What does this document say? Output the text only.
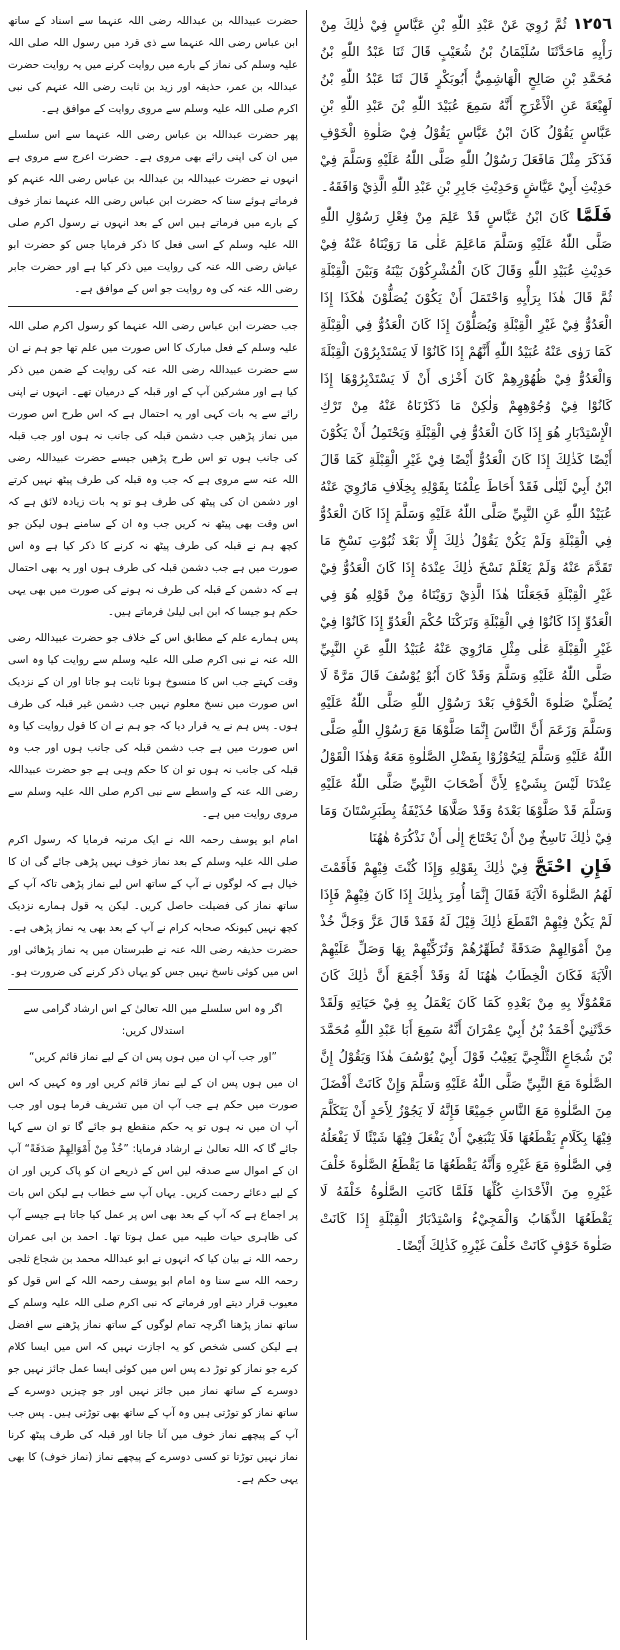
١٢٥٦ ثُمَّ رُوِيَ عَنْ عَبْدِ اللّٰهِ بْنِ عَبَّاسٍ فِيْ ذٰلِكَ مِنْ رَأْيِهِ مَاحَدَّثَنَا سُلَيْمَانُ بْنُ شُعَيْبٍ قَالَ ثَنَا عَبْدُ اللّٰهِ بْنُ مُحَمَّدِ بْنِ صَالِحٍ الْهَاشِمِيُّ أَبُوبَكْرٍ قَالَ ثَنَا عَبْدُ اللّٰهِ بْنُ لَهِيْعَةَ عَنِ الْأَعْرَجِ أَنَّهُ سَمِعَ عُبَيْدَ اللّٰهِ بْنَ عَبْدِ اللّٰهِ بْنِ عَبَّاسٍ يَقُوْلُ كَانَ ابْنُ عَبَّاسٍ يَقُوْلُ فِيْ صَلٰوةِ الْخَوْفِ فَذَكَرَ مِثْلَ مَافَعَلَ رَسُوْلُ اللّٰهِ صَلَّى اللّٰهُ عَلَيْهِ وَسَلَّمَ فِيْ حَدِيْثِ أَبِيْ عَيَّاشٍ وَحَدِيْثِ جَابِرِ بْنِ عَبْدِ اللّٰهِ الَّذِيْ وَافَقَهُ۔

فَلَمَّا كَانَ ابْنُ عَبَّاسٍ قَدْ عَلِمَ مِنْ فِعْلِ رَسُوْلِ اللّٰهِ صَلَّى اللّٰهُ عَلَيْهِ وَسَلَّمَ مَاعَلِمَ عَلٰى مَا رَوَيْنَاهُ عَنْهُ فِيْ حَدِيْثِ عُبَيْدِ اللّٰهِ وَقَالَ كَانَ الْمُشْرِكُوْنَ بَيْنَهُ وَبَيْنَ الْقِبْلَةِ ثُمَّ قَالَ هٰذَا بِرَأْيِهِ وَاحْتَمَلَ أَنْ يَكُوْنَ يُصَلُّوْنَ هٰكَذَا إِذَا الْعَدُوُّ فِيْ غَيْرِ الْقِبْلَةِ وَيُصَلُّوْنَ إِذَا كَانَ الْعَدُوُّ فِي الْقِبْلَةِ كَمَا رَوٰى عَنْهُ عُبَيْدُ اللّٰهِ أَنَّهُمْ إِذَا كَانُوْا لَا يَسْتَدْبِرُوْنَ الْقِبْلَةَ وَالْعَدُوُّ فِيْ ظُهُوْرِهِمْ كَانَ أَخْرٰى أَنْ لَا يَسْتَدْبِرُوْهَا إِذَا كَانُوْا فِيْ وُجُوْهِهِمْ وَلٰكِنْ مَا ذَكَرْنَاهُ عَنْهُ مِنْ تَرْكِ الْإِسْتِدْبَارِ هُوَ إِذَا كَانَ الْعَدُوُّ فِي الْقِبْلَةِ وَيَحْتَمِلُ أَنْ يَكُوْنَ أَيْضًا كَذٰلِكَ إِذَا كَانَ الْعَدُوُّ أَيْضًا فِيْ غَيْرِ الْقِبْلَةِ كَمَا قَالَ ابْنُ أَبِيْ لَيْلٰى فَقَدْ أَحَاطَ عِلْمُنَا بِقَوْلِهِ بِخِلَافِ مَارُوِيَ عَنْهُ عُبَيْدُ اللّٰهِ عَنِ النَّبِيِّ صَلَّى اللّٰهُ عَلَيْهِ وَسَلَّمَ إِذَا كَانَ الْعَدُوُّ فِي الْقِبْلَةِ وَلَمْ يَكُنْ يَقُوْلُ ذٰلِكَ إِلَّا بَعْدَ ثُبُوْتِ نَسْخِ مَا تَقَدَّمَ عَنْهُ وَلَمْ يَعْلَمْ نَسْخَ ذٰلِكَ عِنْدَهُ إِذَا كَانَ الْعَدُوُّ فِيْ غَيْرِ الْقِبْلَةِ فَجَعَلْنَا هٰذَا الَّذِيْ رَوَيْنَاهُ مِنْ قَوْلِهِ هُوَ فِي الْعَدُوِّ إِذَا كَانُوْا فِي الْقِبْلَةِ وَتَرَكْنَا حُكْمَ الْعَدُوِّ إِذَا كَانُوْا فِيْ غَيْرِ الْقِبْلَةِ عَلٰى مِثْلِ مَارُوِيَ عَنْهُ عُبَيْدُ اللّٰهِ عَنِ النَّبِيِّ صَلَّى اللّٰهُ عَلَيْهِ وَسَلَّمَ وَقَدْ كَانَ أَبُوْ يُوْسُفَ قَالَ مَرَّةً لَا يُصَلِّيْ صَلٰوةَ الْخَوْفِ بَعْدَ رَسُوْلِ اللّٰهِ صَلَّى اللّٰهُ عَلَيْهِ وَسَلَّمَ وَزَعَمَ أَنَّ النَّاسَ إِنَّمَا صَلَّوْهَا مَعَ رَسُوْلِ اللّٰهِ صَلَّى اللّٰهُ عَلَيْهِ وَسَلَّمَ لِيَحُوْزُوْا بِفَضْلِ الصَّلٰوةِ مَعَهُ وَهٰذَا الْقَوْلُ عِنْدَنَا لَيْسَ بِشَيْءٍ لِأَنَّ أَصْحَابَ النَّبِيِّ صَلَّى اللّٰهُ عَلَيْهِ وَسَلَّمَ قَدْ صَلَّوْهَا بَعْدَهُ وَقَدْ صَلَّاهَا حُذَيْفَةُ بِطَبَرِسْتَانَ وَمَا فِيْ ذٰلِكَ نَاسِخٌ مِنْ أَنْ يَحْتَاجَ إِلٰى أَنْ نَذْكُرَهُ هٰهُنَا

فَإِنِ احْتَجَّ فِيْ ذٰلِكَ بِقَوْلِهِ وَإِذَا كُنْتَ فِيْهِمْ فَأَقَمْتَ لَهُمُ الصَّلٰوةَ الْآيَةَ فَقَالَ إِنَّمَا أُمِرَ بِذٰلِكَ إِذَا كَانَ فِيْهِمْ فَإِذَا لَمْ يَكُنْ فِيْهِمْ انْقَطَعَ ذٰلِكَ قِيْلَ لَهُ فَقَدْ قَالَ عَزَّ وَجَلَّ خُذْ مِنْ أَمْوَالِهِمْ صَدَقَةً تُطَهِّرُهُمْ وَتُزَكِّيْهِمْ بِهَا وَصَلِّ عَلَيْهِمْ الْآيَةَ فَكَانَ الْخِطَابُ هٰهُنَا لَهُ وَقَدْ أَجْمَعَ أَنَّ ذٰلِكَ كَانَ مَعْمُوْلًا بِهِ مِنْ بَعْدِهِ كَمَا كَانَ يَعْمَلُ بِهِ فِيْ حَيَاتِهِ وَلَقَدْ حَدَّثَنِيْ أَحْمَدُ بْنُ أَبِيْ عِمْرَانَ أَنَّهُ سَمِعَ أَبَا عَبْدِ اللّٰهِ مُحَمَّدَ بْنَ شُجَاعٍ الثَّلْجِيَّ يَعِيْبُ قَوْلَ أَبِيْ يُوْسُفَ هٰذَا وَيَقُوْلُ إِنَّ الصَّلٰوةَ مَعَ النَّبِيِّ صَلَّى اللّٰهُ عَلَيْهِ وَسَلَّمَ وَإِنْ كَانَتْ أَفْضَلَ مِنَ الصَّلٰوةِ مَعَ النَّاسِ جَمِيْعًا فَإِنَّهُ لَا يَجُوْزُ لِأَحَدٍ أَنْ يَتَكَلَّمَ فِيْهَا بِكَلَامٍ يَقْطَعُهَا فَلَا يَنْبَغِيْ أَنْ يَفْعَلَ فِيْهَا شَيْئًا لَا يَفْعَلُهُ فِي الصَّلٰوةِ مَعَ غَيْرِهِ وَأَنَّهُ يَقْطَعُهَا مَا يَقْطَعُ الصَّلٰوةَ خَلْفَ غَيْرِهِ مِنَ الْأَحْدَاثِ كُلِّهَا فَلَمَّا كَانَتِ الصَّلٰوةُ خَلْفَهُ لَا يَقْطَعُهَا الذَّهَابُ وَالْمَجِيْءُ وَاسْتِدْبَارُ الْقِبْلَةِ إِذَا كَانَتْ صَلٰوةَ خَوْفٍ كَانَتْ خَلْفَ غَيْرِهِ كَذٰلِكَ أَيْضًا۔

حضرت عبیداللہ بن عبداللہ رضی اللہ عنہما سے اسناد کے ساتھ ابن عباس رضی اللہ عنہما سے ذی قرد میں رسول اللہ صلی اللہ علیہ وسلم کی نماز کے بارے میں روایت کرنے میں یہ روایت حضرت عبداللہ بن عمر، حذیفہ اور زید بن ثابت رضی اللہ عنہم کی نبی اکرم صلی اللہ علیہ وسلم سے مروی روایت کے موافق ہے۔

پھر حضرت عبداللہ بن عباس رضی اللہ عنہما سے اس سلسلے میں ان کی اپنی رائے بھی مروی ہے۔ حضرت اعرج سے مروی ہے انہوں نے حضرت عبیداللہ بن عبداللہ بن عباس رضی اللہ عنہم کو فرماتے ہوئے سنا کہ حضرت ابن عباس رضی اللہ عنہما نماز خوف کے بارے میں فرماتے ہیں اس کے بعد انہوں نے رسول اکرم صلی اللہ علیہ وسلم کے اسی فعل کا ذکر فرمایا جس کو حضرت ابو عیاش رضی اللہ عنہ کی روایت میں ذکر کیا ہے اور حضرت جابر رضی اللہ عنہ کی وہ روایت جو اس کے موافق ہے۔

جب حضرت ابن عباس رضی اللہ عنہما کو رسول اکرم صلی اللہ علیہ وسلم کے فعل مبارک کا اس صورت میں علم تھا جو ہم نے ان سے حضرت عبیداللہ رضی اللہ عنہ کی روایت کے ضمن میں ذکر کیا ہے اور مشرکین آپ کے اور قبلہ کے درمیان تھے۔ انہوں نے اپنی رائے سے یہ بات کہی اور یہ احتمال ہے کہ اس طرح اس صورت میں نماز پڑھیں جب دشمن قبلہ کی جانب نہ ہوں اور جب قبلہ کی جانب ہوں تو اس طرح پڑھیں جیسے حضرت عبیداللہ رضی اللہ عنہ سے مروی ہے کہ جب وہ قبلہ کی طرف پیٹھ نہیں کرتے اور دشمن ان کی پیٹھ کی طرف ہو تو یہ بات زیادہ لائق ہے کہ اس وقت بھی پیٹھ نہ کریں جب وہ ان کے سامنے ہوں لیکن جو کچھ ہم نے قبلہ کی طرف پیٹھ نہ کرنے کا ذکر کیا ہے وہ اس صورت میں ہے جب دشمن قبلہ کی طرف ہوں اور یہ بھی احتمال ہے کہ دشمن کے قبلہ کی طرف نہ ہونے کی صورت میں بھی یہی حکم ہو جیسا کہ ابن ابی لیلیٰ فرماتے ہیں۔

پس ہمارے علم کے مطابق اس کے خلاف جو حضرت عبیداللہ رضی اللہ عنہ نے نبی اکرم صلی اللہ علیہ وسلم سے روایت کیا وہ اسی وقت کہتے جب اس کا منسوخ ہونا ثابت ہو جاتا اور ان کے نزدیک اس صورت میں نسخ معلوم نہیں جب دشمن غیر قبلہ کی طرف ہوں۔ پس ہم نے یہ قرار دیا کہ جو ہم نے ان کا قول روایت کیا وہ اس صورت میں ہے جب دشمن قبلہ کی جانب ہوں اور جب وہ قبلہ کی جانب نہ ہوں تو ان کا حکم وہی ہے جو حضرت عبیداللہ رضی اللہ عنہ کے واسطے سے نبی اکرم صلی اللہ علیہ وسلم سے مروی روایت میں ہے۔

امام ابو یوسف رحمہ اللہ نے ایک مرتبہ فرمایا کہ رسول اکرم صلی اللہ علیہ وسلم کے بعد نماز خوف نہیں پڑھی جائے گی ان کا خیال ہے کہ لوگوں نے آپ کے ساتھ اس لیے نماز پڑھی تاکہ آپ کے ساتھ نماز کی فضیلت حاصل کریں۔ لیکن یہ قول ہمارے نزدیک کچھ نہیں کیونکہ صحابہ کرام نے آپ کے بعد بھی یہ نماز پڑھی ہے۔ حضرت حذیفہ رضی اللہ عنہ نے طبرستان میں یہ نماز پڑھائی اور اس میں کوئی ناسخ نہیں جس کو یہاں ذکر کرنے کی ضرورت ہو۔

اگر وہ اس سلسلے میں اللہ تعالیٰ کے اس ارشاد گرامی سے استدلال کریں:

”اور جب آپ ان میں ہوں پس ان کے لیے نماز قائم کریں“

ان میں ہوں پس ان کے لیے نماز قائم کریں اور وہ کہیں کہ اس صورت میں حکم ہے جب آپ ان میں تشریف فرما ہوں اور جب آپ ان میں نہ ہوں تو یہ حکم منقطع ہو جائے گا تو ان سے کہا جائے گا کہ اللہ تعالیٰ نے ارشاد فرمایا: ”خُذْ مِنْ أَمْوَالِهِمْ صَدَقَةً“ آپ ان کے اموال سے صدقہ لیں اس کے ذریعے ان کو پاک کریں اور ان کے لیے دعائے رحمت کریں۔ یہاں آپ سے خطاب ہے لیکن اس بات پر اجماع ہے کہ آپ کے بعد بھی اس پر عمل کیا جاتا ہے جیسے آپ کی ظاہری حیات طیبہ میں عمل ہوتا تھا۔ احمد بن ابی عمران رحمہ اللہ نے بیان کیا کہ انہوں نے ابو عبداللہ محمد بن شجاع ثلجی رحمہ اللہ سے سنا وہ امام ابو یوسف رحمہ اللہ کے اس قول کو معیوب قرار دیتے اور فرماتے کہ نبی اکرم صلی اللہ علیہ وسلم کے ساتھ نماز پڑھنا اگرچہ تمام لوگوں کے ساتھ نماز پڑھنے سے افضل ہے لیکن کسی شخص کو یہ اجازت نہیں کہ اس میں ایسا کلام کرے جو نماز کو توڑ دے پس اس میں کوئی ایسا عمل جائز نہیں جو دوسرے کے ساتھ نماز میں جائز نہیں اور جو چیزیں دوسرے کے ساتھ نماز کو توڑتی ہیں وہ آپ کے ساتھ بھی توڑتی ہیں۔ پس جب آپ کے پیچھے نماز خوف میں آنا جانا اور قبلہ کی طرف پیٹھ کرنا نماز نہیں توڑتا تو کسی دوسرے کے پیچھے نماز (نماز خوف) کا بھی یہی حکم ہے۔
